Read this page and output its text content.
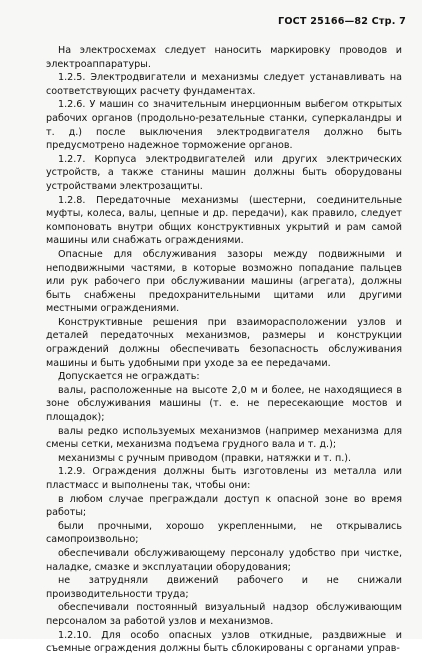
ГОСТ 25166—82 Стр. 7

На электросхемах следует наносить маркировку проводов и электроаппаратуры.

1.2.5. Электродвигатели и механизмы следует устанавливать на соответствующих расчету фундаментах.

1.2.6. У машин со значительным инерционным выбегом открытых рабочих органов (продольно-резательные станки, суперкаландры и т. д.) после выключения электродвигателя должно быть предусмотрено надежное торможение органов.

1.2.7. Корпуса электродвигателей или других электрических устройств, а также станины машин должны быть оборудованы устройствами электрозащиты.

1.2.8. Передаточные механизмы (шестерни, соединительные муфты, колеса, валы, цепные и др. передачи), как правило, следует компоновать внутри общих конструктивных укрытий и рам самой машины или снабжать ограждениями.

Опасные для обслуживания зазоры между подвижными и неподвижными частями, в которые возможно попадание пальцев или рук рабочего при обслуживании машины (агрегата), должны быть снабжены предохранительными щитами или другими местными ограждениями.

Конструктивные решения при взаиморасположении узлов и деталей передаточных механизмов, размеры и конструкции ограждений должны обеспечивать безопасность обслуживания машины и быть удобными при уходе за ее передачами.

Допускается не ограждать:

валы, расположенные на высоте 2,0 м и более, не находящиеся в зоне обслуживания машины (т. е. не пересекающие мостов и площадок);

валы редко используемых механизмов (например механизма для смены сетки, механизма подъема грудного вала и т. д.);

механизмы с ручным приводом (правки, натяжки и т. п.).

1.2.9. Ограждения должны быть изготовлены из металла или пластмасс и выполнены так, чтобы они:

в любом случае преграждали доступ к опасной зоне во время работы;

были прочными, хорошо укрепленными, не открывались самопроизвольно;

обеспечивали обслуживающему персоналу удобство при чистке, наладке, смазке и эксплуатации оборудования;

не затрудняли движений рабочего и не снижали производительности труда;

обеспечивали постоянный визуальный надзор обслуживающим персоналом за работой узлов и механизмов.

1.2.10. Для особо опасных узлов откидные, раздвижные и съемные ограждения должны быть сблокированы с органами управ-
